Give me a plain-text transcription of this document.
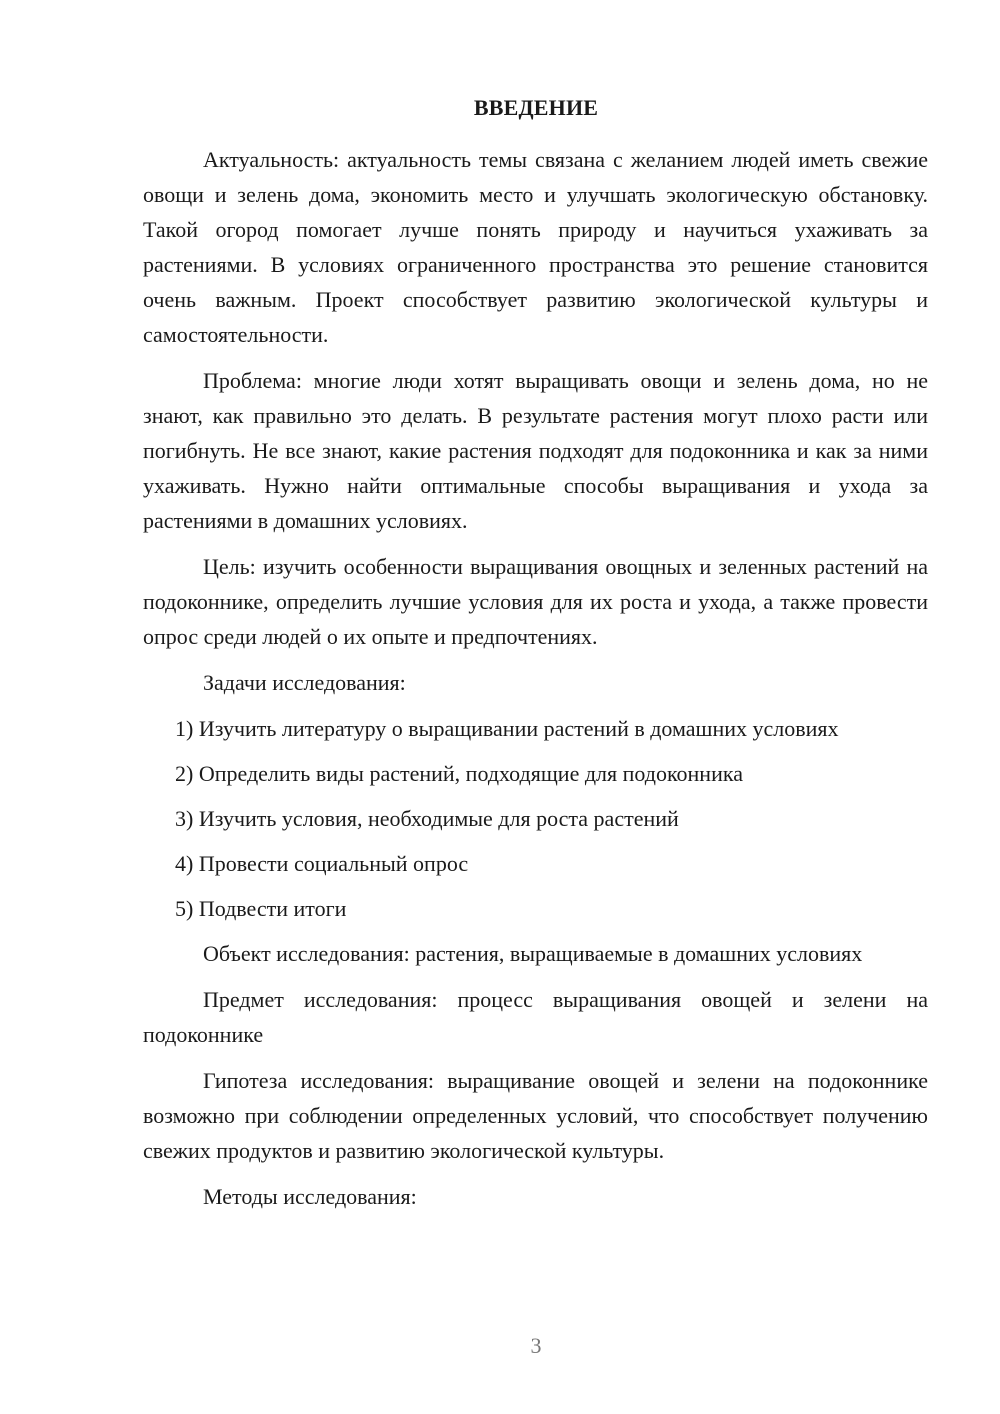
ВВЕДЕНИЕ

Актуальность: актуальность темы связана с желанием людей иметь свежие овощи и зелень дома, экономить место и улучшать экологическую обстановку. Такой огород помогает лучше понять природу и научиться ухаживать за растениями. В условиях ограниченного пространства это решение становится очень важным. Проект способствует развитию экологической культуры и самостоятельности.

Проблема: многие люди хотят выращивать овощи и зелень дома, но не знают, как правильно это делать. В результате растения могут плохо расти или погибнуть. Не все знают, какие растения подходят для подоконника и как за ними ухаживать. Нужно найти оптимальные способы выращивания и ухода за растениями в домашних условиях.

Цель: изучить особенности выращивания овощных и зеленных растений на подоконнике, определить лучшие условия для их роста и ухода, а также провести опрос среди людей о их опыте и предпочтениях.

Задачи исследования:

1) Изучить литературу о выращивании растений в домашних условиях

2) Определить виды растений, подходящие для подоконника

3) Изучить условия, необходимые для роста растений

4) Провести социальный опрос

5) Подвести итоги

Объект исследования: растения, выращиваемые в домашних условиях

Предмет исследования: процесс выращивания овощей и зелени на подоконнике

Гипотеза исследования: выращивание овощей и зелени на подоконнике возможно при соблюдении определенных условий, что способствует получению свежих продуктов и развитию экологической культуры.

Методы исследования:

3
